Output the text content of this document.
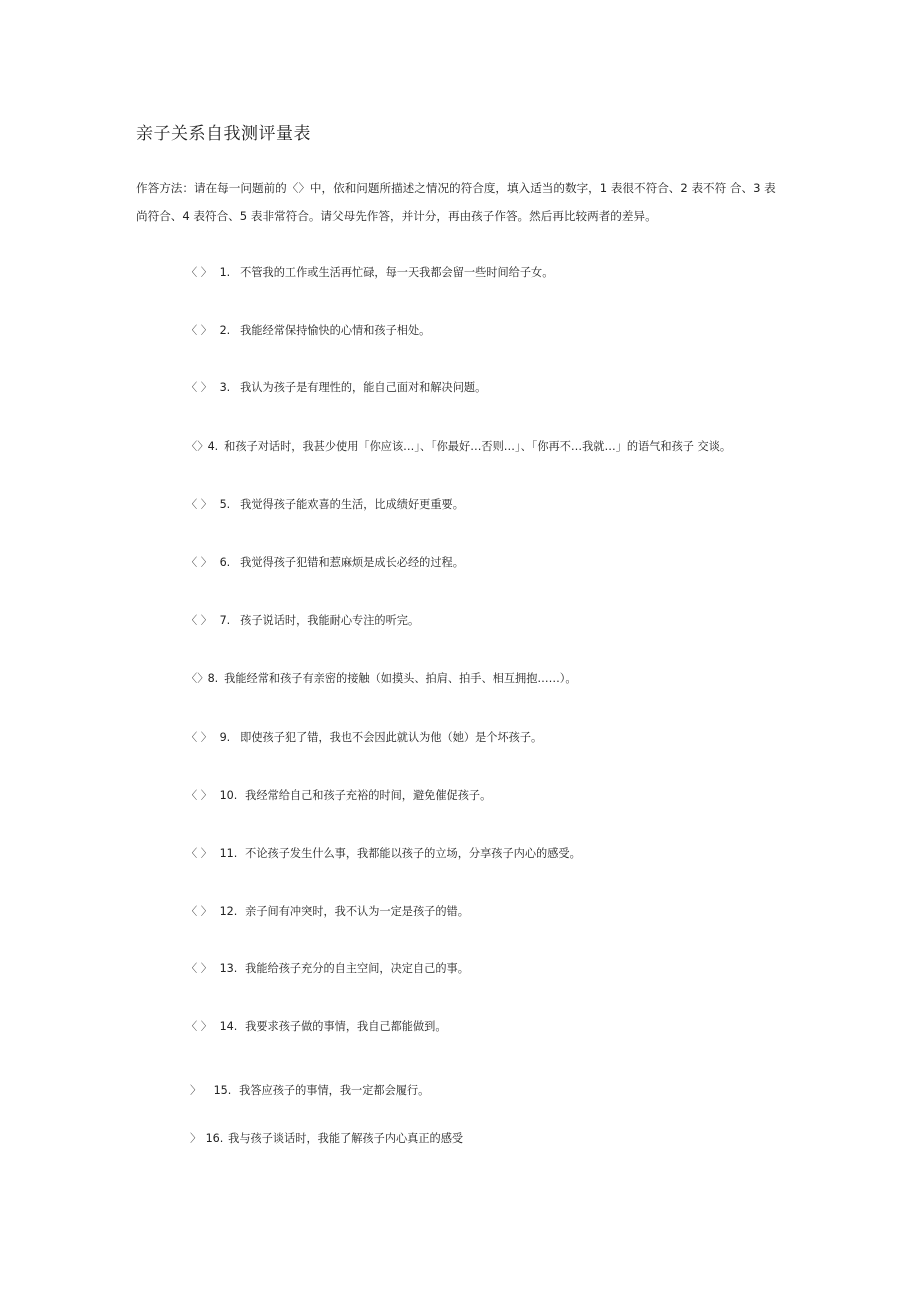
亲子关系自我测评量表
作答方法：请在每一问题前的〈〉中，依和问题所描述之情况的符合度，填入适当的数字，1 表很不符合、2 表不符 合、3 表
尚符合、4 表符合、5 表非常符合。请父母先作答，并计分，再由孩子作答。然后再比较两者的差异。
〈 〉 1. 不管我的工作或生活再忙碌，每一天我都会留一些时间给子女。
〈 〉 2. 我能经常保持愉快的心情和孩子相处。
〈 〉 3. 我认为孩子是有理性的，能自己面对和解决问题。
〈〉 4. 和孩子对话时，我甚少使用「你应该…」、「你最好…否则…」、「你再不…我就…」的语气和孩子 交谈。
〈 〉 5. 我觉得孩子能欢喜的生活，比成绩好更重要。
〈 〉 6. 我觉得孩子犯错和惹麻烦是成长必经的过程。
〈 〉 7. 孩子说话时，我能耐心专注的听完。
〈〉 8. 我能经常和孩子有亲密的接触（如摸头、拍肩、拍手、相互拥抱……）。
〈 〉 9. 即使孩子犯了错，我也不会因此就认为他（她）是个坏孩子。
〈 〉 10. 我经常给自己和孩子充裕的时间，避免催促孩子。
〈 〉 11. 不论孩子发生什么事，我都能以孩子的立场，分享孩子内心的感受。
〈 〉 12. 亲子间有冲突时，我不认为一定是孩子的错。
〈 〉 13. 我能给孩子充分的自主空间，决定自己的事。
〈 〉 14. 我要求孩子做的事情，我自己都能做到。
〉 15. 我答应孩子的事情，我一定都会履行。
〉 16. 我与孩子谈话时，我能了解孩子内心真正的感受
